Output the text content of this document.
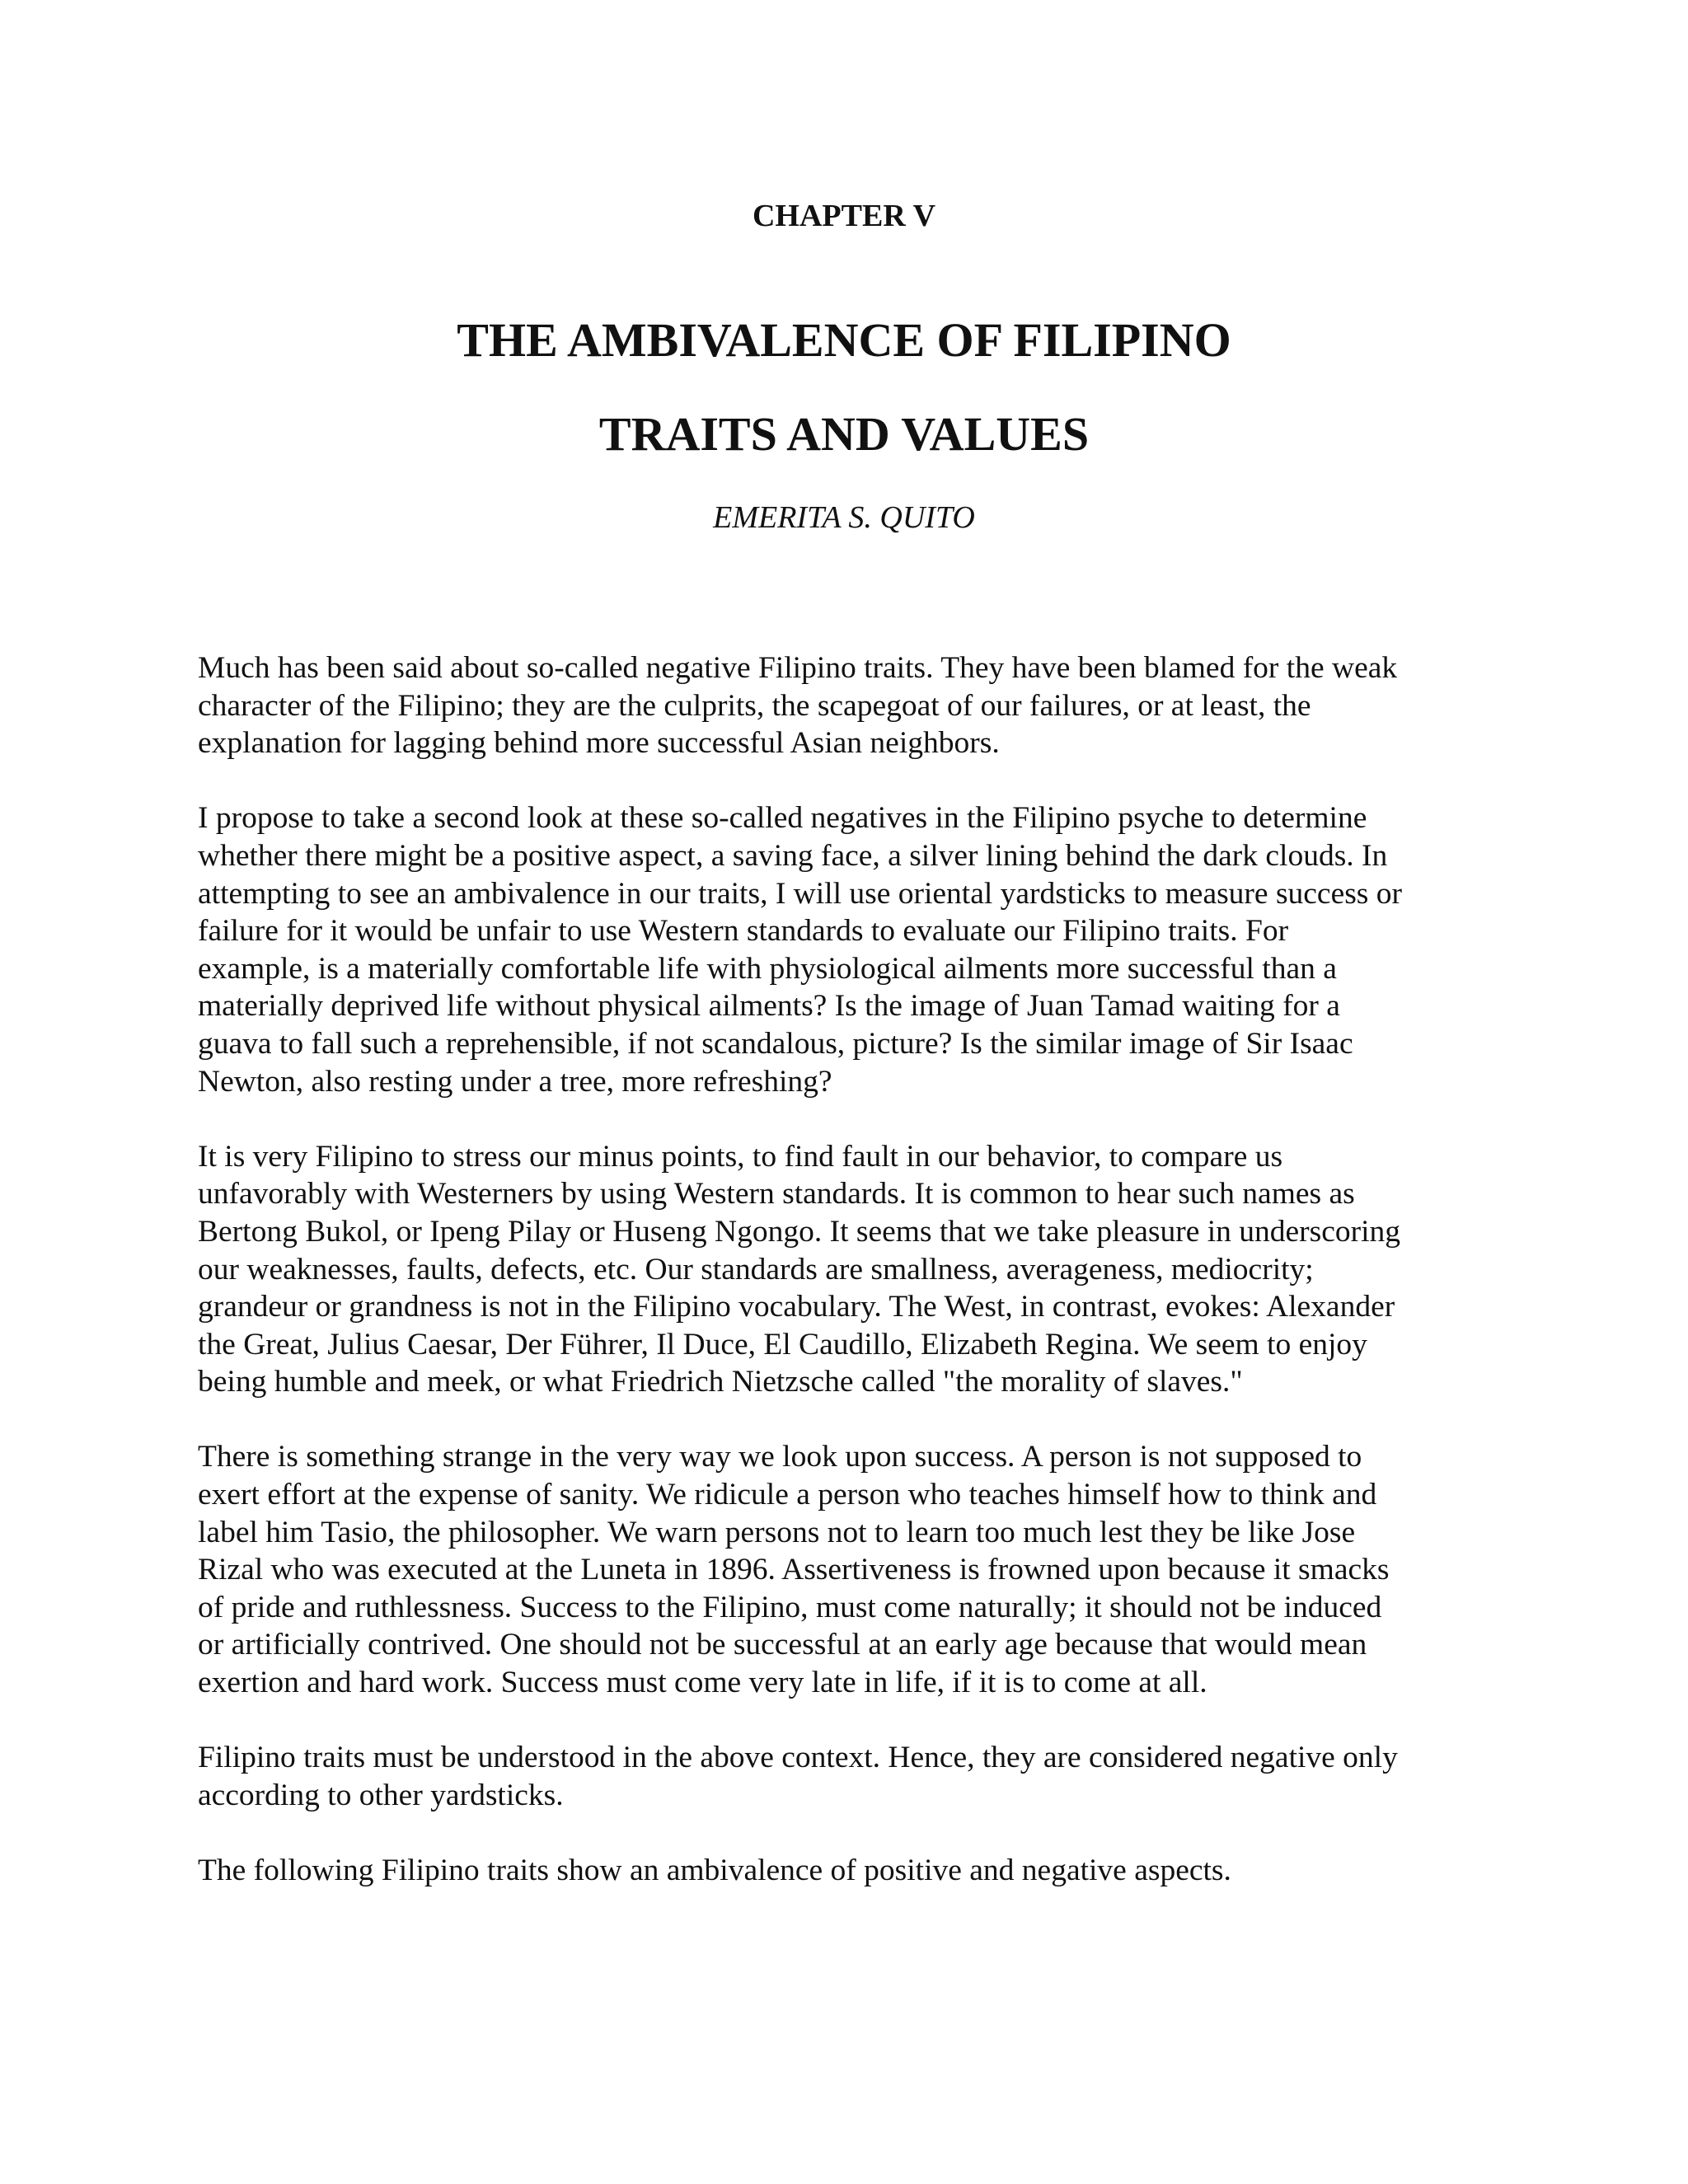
CHAPTER V
THE AMBIVALENCE OF FILIPINO
TRAITS AND VALUES

EMERITA S. QUITO

Much has been said about so-called negative Filipino traits. They have been blamed for the weak
character of the Filipino; they are the culprits, the scapegoat of our failures, or at least, the
explanation for lagging behind more successful Asian neighbors.

I propose to take a second look at these so-called negatives in the Filipino psyche to determine
whether there might be a positive aspect, a saving face, a silver lining behind the dark clouds. In
attempting to see an ambivalence in our traits, I will use oriental yardsticks to measure success or
failure for it would be unfair to use Western standards to evaluate our Filipino traits. For
example, is a materially comfortable life with physiological ailments more successful than a
materially deprived life without physical ailments? Is the image of Juan Tamad waiting for a
guava to fall such a reprehensible, if not scandalous, picture? Is the similar image of Sir Isaac
Newton, also resting under a tree, more refreshing?

It is very Filipino to stress our minus points, to find fault in our behavior, to compare us
unfavorably with Westerners by using Western standards. It is common to hear such names as
Bertong Bukol, or Ipeng Pilay or Huseng Ngongo. It seems that we take pleasure in underscoring
our weaknesses, faults, defects, etc. Our standards are smallness, averageness, mediocrity;
grandeur or grandness is not in the Filipino vocabulary. The West, in contrast, evokes: Alexander
the Great, Julius Caesar, Der Führer, Il Duce, El Caudillo, Elizabeth Regina. We seem to enjoy
being humble and meek, or what Friedrich Nietzsche called "the morality of slaves."

There is something strange in the very way we look upon success. A person is not supposed to
exert effort at the expense of sanity. We ridicule a person who teaches himself how to think and
label him Tasio, the philosopher. We warn persons not to learn too much lest they be like Jose
Rizal who was executed at the Luneta in 1896. Assertiveness is frowned upon because it smacks
of pride and ruthlessness. Success to the Filipino, must come naturally; it should not be induced
or artificially contrived. One should not be successful at an early age because that would mean
exertion and hard work. Success must come very late in life, if it is to come at all.

Filipino traits must be understood in the above context. Hence, they are considered negative only
according to other yardsticks.

The following Filipino traits show an ambivalence of positive and negative aspects.
